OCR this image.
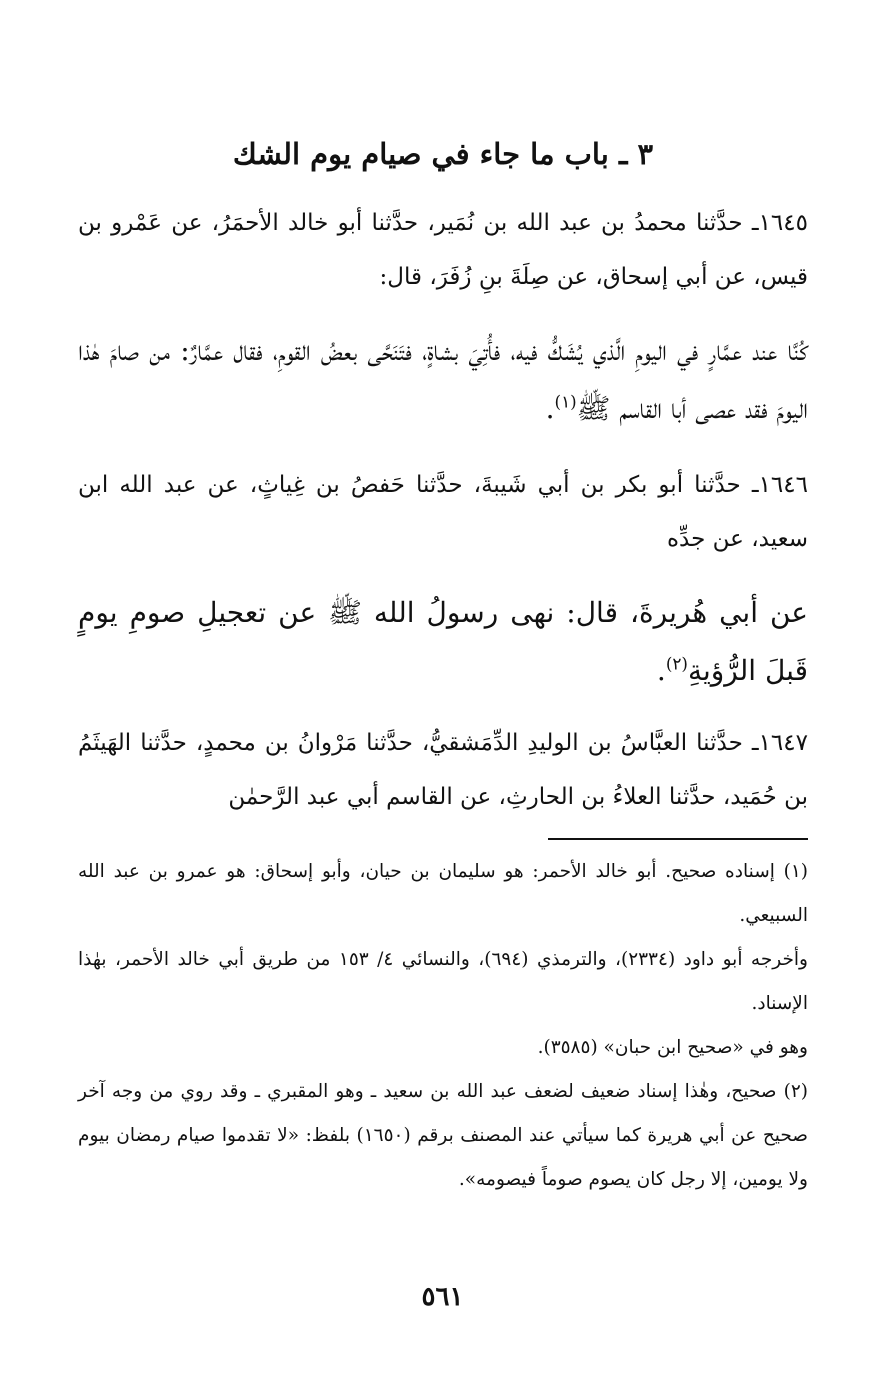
٣ ـ باب ما جاء في صيام يوم الشك

١٦٤٥ـ حدَّثنا محمدُ بن عبد الله بن نُمَير، حدَّثنا أبو خالد الأحمَرُ، عن عَمْرو بن قيس، عن أبي إسحاق، عن صِلَةَ بنِ زُفَرَ، قال:

كُنَّا عند عمَّارٍ في اليومِ الَّذي يُشَكُّ فيه، فأُتِيَ بشاةٍ، فتَنَحَّى بعضُ القومِ، فقال عمَّارٌ: من صامَ هٰذا اليومَ فقد عصى أبا القاسم ﷺ$^{(١)}$.

١٦٤٦ـ حدَّثنا أبو بكر بن أبي شَيبةَ، حدَّثنا حَفصُ بن غِياثٍ، عن عبد الله ابن سعيد، عن جدِّه

عن أبي هُريرةَ، قال: نهى رسولُ الله ﷺ عن تعجيلِ صومِ يومٍ قَبلَ الرُّؤيةِ$^{(٢)}$.

١٦٤٧ـ حدَّثنا العبَّاسُ بن الوليدِ الدِّمَشقيُّ، حدَّثنا مَرْوانُ بن محمدٍ، حدَّثنا الهَيثَمُ بن حُمَيد، حدَّثنا العلاءُ بن الحارثِ، عن القاسم أبي عبد الرَّحمٰن

(١) إسناده صحيح. أبو خالد الأحمر: هو سليمان بن حيان، وأبو إسحاق: هو عمرو بن عبد الله السبيعي.

وأخرجه أبو داود (٢٣٣٤)، والترمذي (٦٩٤)، والنسائي ٤/ ١٥٣ من طريق أبي خالد الأحمر، بهٰذا الإسناد.

وهو في «صحيح ابن حبان» (٣٥٨٥).

(٢) صحيح، وهٰذا إسناد ضعيف لضعف عبد الله بن سعيد ـ وهو المقبري ـ وقد روي من وجه آخر صحيح عن أبي هريرة كما سيأتي عند المصنف برقم (١٦٥٠) بلفظ: «لا تقدموا صيام رمضان بيوم ولا يومين، إلا رجل كان يصوم صوماً فيصومه».

٥٦١
